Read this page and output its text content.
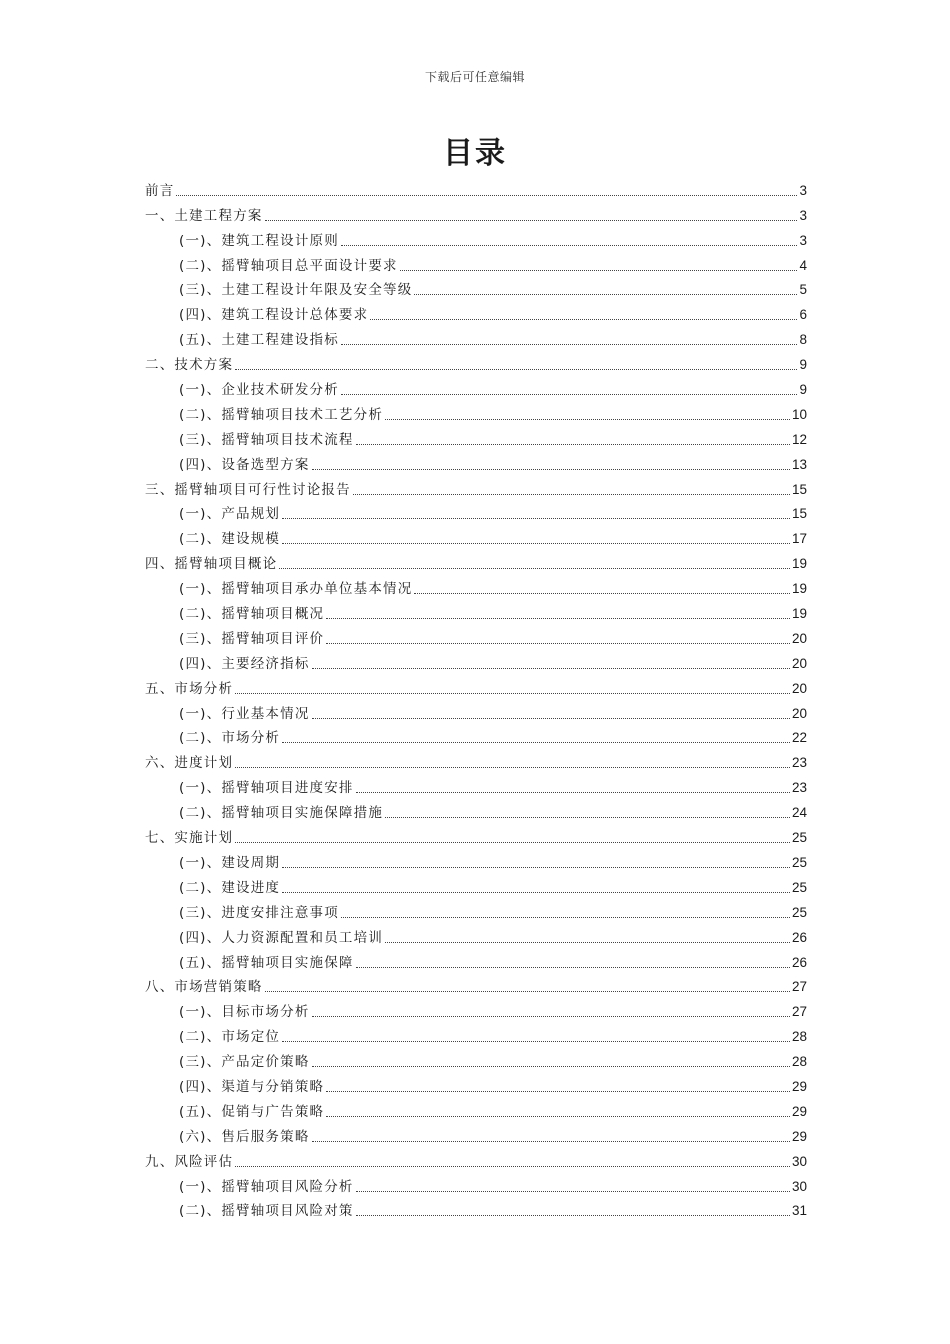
下载后可任意编辑
目录
前言	3
一、土建工程方案	3
(一)、建筑工程设计原则	3
(二)、摇臂轴项目总平面设计要求	4
(三)、土建工程设计年限及安全等级	5
(四)、建筑工程设计总体要求	6
(五)、土建工程建设指标	8
二、技术方案	9
(一)、企业技术研发分析	9
(二)、摇臂轴项目技术工艺分析	10
(三)、摇臂轴项目技术流程	12
(四)、设备选型方案	13
三、摇臂轴项目可行性讨论报告	15
(一)、产品规划	15
(二)、建设规模	17
四、摇臂轴项目概论	19
(一)、摇臂轴项目承办单位基本情况	19
(二)、摇臂轴项目概况	19
(三)、摇臂轴项目评价	20
(四)、主要经济指标	20
五、市场分析	20
(一)、行业基本情况	20
(二)、市场分析	22
六、进度计划	23
(一)、摇臂轴项目进度安排	23
(二)、摇臂轴项目实施保障措施	24
七、实施计划	25
(一)、建设周期	25
(二)、建设进度	25
(三)、进度安排注意事项	25
(四)、人力资源配置和员工培训	26
(五)、摇臂轴项目实施保障	26
八、市场营销策略	27
(一)、目标市场分析	27
(二)、市场定位	28
(三)、产品定价策略	28
(四)、渠道与分销策略	29
(五)、促销与广告策略	29
(六)、售后服务策略	29
九、风险评估	30
(一)、摇臂轴项目风险分析	30
(二)、摇臂轴项目风险对策	31
